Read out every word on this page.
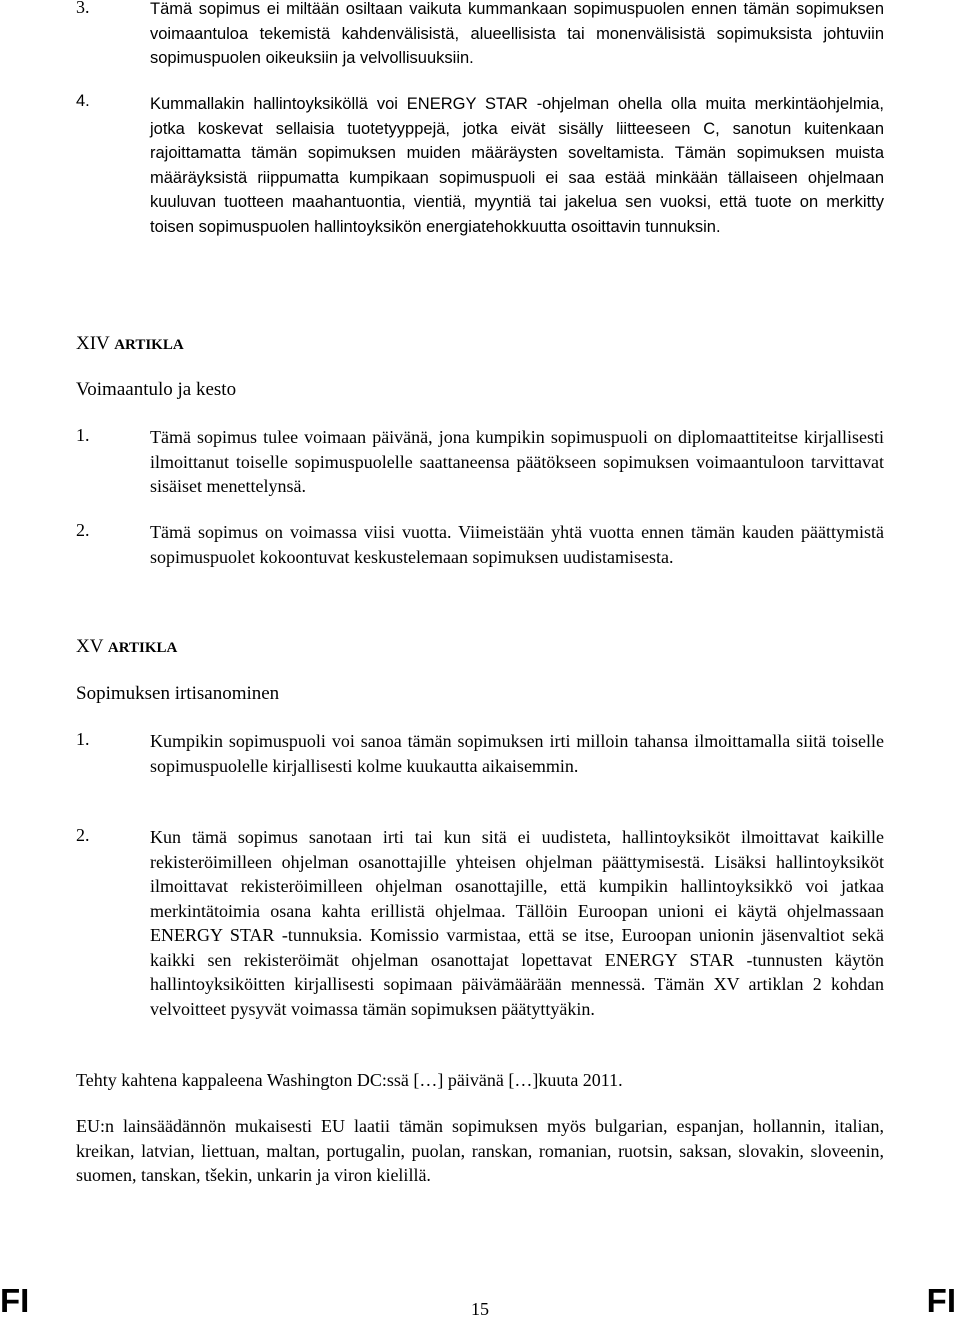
3.	Tämä sopimus ei miltään osiltaan vaikuta kummankaan sopimuspuolen ennen tämän sopimuksen voimaantuloa tekemistä kahdenvälisistä, alueellisista tai monenvälisistä sopimuksista johtuviin sopimuspuolen oikeuksiin ja velvollisuuksiin.
4.	Kummallakin hallintoyksiköllä voi ENERGY STAR -ohjelman ohella olla muita merkintäohjelmia, jotka koskevat sellaisia tuotetyyppejä, jotka eivät sisälly liitteeseen C, sanotun kuitenkaan rajoittamatta tämän sopimuksen muiden määräysten soveltamista. Tämän sopimuksen muista määräyksistä riippumatta kumpikaan sopimuspuoli ei saa estää minkään tällaiseen ohjelmaan kuuluvan tuotteen maahantuontia, vientiä, myyntiä tai jakelua sen vuoksi, että tuote on merkitty toisen sopimuspuolen hallintoyksikön energiatehokkuutta osoittavin tunnuksin.
XIV ARTIKLA
Voimaantulo ja kesto
1.	Tämä sopimus tulee voimaan päivänä, jona kumpikin sopimuspuoli on diplomaattiteitse kirjallisesti ilmoittanut toiselle sopimuspuolelle saattaneensa päätökseen sopimuksen voimaantuloon tarvittavat sisäiset menettelynsä.
2.	Tämä sopimus on voimassa viisi vuotta. Viimeistään yhtä vuotta ennen tämän kauden päättymistä sopimuspuolet kokoontuvat keskustelemaan sopimuksen uudistamisesta.
XV ARTIKLA
Sopimuksen irtisanominen
1.	Kumpikin sopimuspuoli voi sanoa tämän sopimuksen irti milloin tahansa ilmoittamalla siitä toiselle sopimuspuolelle kirjallisesti kolme kuukautta aikaisemmin.
2.	Kun tämä sopimus sanotaan irti tai kun sitä ei uudisteta, hallintoyksiköt ilmoittavat kaikille rekisteröimilleen ohjelman osanottajille yhteisen ohjelman päättymisestä. Lisäksi hallintoyksiköt ilmoittavat rekisteröimilleen ohjelman osanottajille, että kumpikin hallintoyksikkö voi jatkaa merkintätoimia osana kahta erillistä ohjelmaa. Tällöin Euroopan unioni ei käytä ohjelmassaan ENERGY STAR -tunnuksia. Komissio varmistaa, että se itse, Euroopan unionin jäsenvaltiot sekä kaikki sen rekisteröimät ohjelman osanottajat lopettavat ENERGY STAR -tunnusten käytön hallintoyksiköitten kirjallisesti sopimaan päivämäärään mennessä. Tämän XV artiklan 2 kohdan velvoitteet pysyvät voimassa tämän sopimuksen päätyttyäkin.
Tehty kahtena kappaleena Washington DC:ssä […] päivänä […]kuuta 2011.
EU:n lainsäädännön mukaisesti EU laatii tämän sopimuksen myös bulgarian, espanjan, hollannin, italian, kreikan, latvian, liettuan, maltan, portugalin, puolan, ranskan, romanian, ruotsin, saksan, slovakin, sloveenin, suomen, tanskan, tšekin, unkarin ja viron kielillä.
FI	15	FI
